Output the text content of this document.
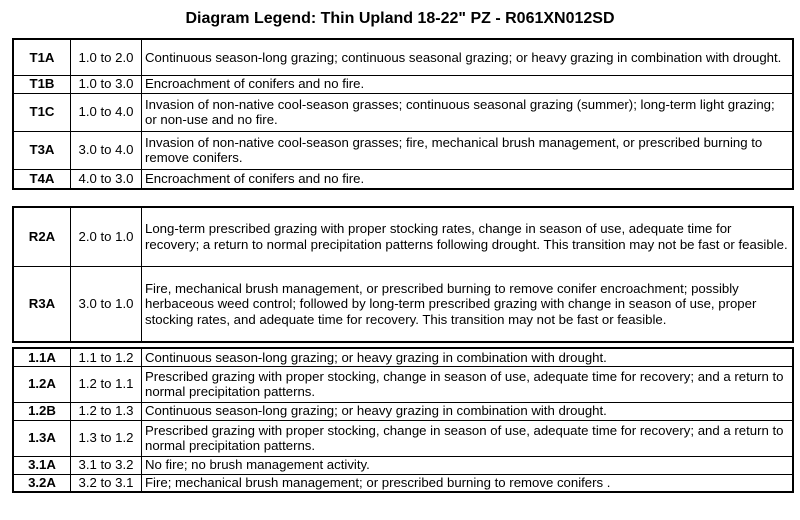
Diagram Legend: Thin Upland 18-22" PZ - R061XN012SD
T1A	1.0 to 2.0	Continuous season-long grazing; continuous seasonal grazing; or heavy grazing in combination with drought.
T1B	1.0 to 3.0	Encroachment of conifers and no fire.
T1C	1.0 to 4.0	Invasion of non-native cool-season grasses; continuous seasonal grazing (summer); long-term light grazing; or non-use and no fire.
T3A	3.0 to 4.0	Invasion of non-native cool-season grasses; fire, mechanical brush management, or prescribed burning to remove conifers.
T4A	4.0 to 3.0	Encroachment of conifers and no fire.
R2A	2.0 to 1.0	Long-term prescribed grazing with proper stocking rates, change in season of use, adequate time for recovery; a return to normal precipitation patterns following drought. This transition may not be fast or feasible.
R3A	3.0 to 1.0	Fire, mechanical brush management, or prescribed burning to remove conifer encroachment; possibly herbaceous weed control; followed by long-term prescribed grazing with change in season of use, proper stocking rates, and adequate time for recovery. This transition may not be fast or feasible.
1.1A	1.1 to 1.2	Continuous season-long grazing; or heavy grazing in combination with drought.
1.2A	1.2 to 1.1	Prescribed grazing with proper stocking, change in season of use, adequate time for recovery; and a return to normal precipitation patterns.
1.2B	1.2 to 1.3	Continuous season-long grazing; or heavy grazing in combination with drought.
1.3A	1.3 to 1.2	Prescribed grazing with proper stocking, change in season of use, adequate time for recovery; and a return to normal precipitation patterns.
3.1A	3.1 to 3.2	No fire; no brush management activity.
3.2A	3.2 to 3.1	Fire; mechanical brush management; or prescribed burning to remove conifers .
